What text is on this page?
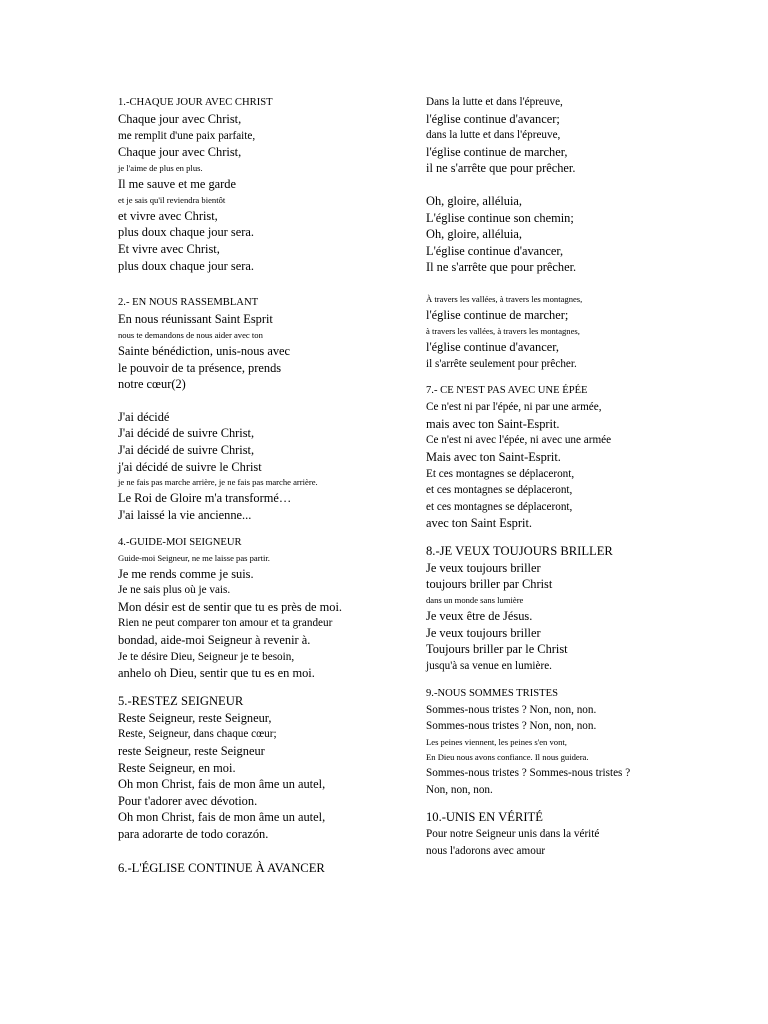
1.-CHAQUE JOUR AVEC CHRIST
Chaque jour avec Christ,
me remplit d'une paix parfaite,
Chaque jour avec Christ,
je l'aime de plus en plus.
Il me sauve et me garde
et je sais qu'il reviendra bientôt
et vivre avec Christ,
plus doux chaque jour sera.
Et vivre avec Christ,
plus doux chaque jour sera.
2.- EN NOUS RASSEMBLANT
En nous réunissant Saint Esprit
nous te demandons de nous aider avec ton
Sainte bénédiction, unis-nous avec
le pouvoir de ta présence, prends
notre cœur(2)
J'ai décidé
J'ai décidé de suivre Christ,
J'ai décidé de suivre Christ,
j'ai décidé de suivre le Christ
je ne fais pas marche arrière, je ne fais pas marche arrière.
Le Roi de Gloire m'a transformé…
J'ai laissé la vie ancienne...
4.-GUIDE-MOI SEIGNEUR
Guide-moi Seigneur, ne me laisse pas partir.
Je me rends comme je suis.
Je ne sais plus où je vais.
Mon désir est de sentir que tu es près de moi.
Rien ne peut comparer ton amour et ta grandeur
bondad, aide-moi Seigneur à revenir à.
Je te désire Dieu, Seigneur je te besoin,
anhelo oh Dieu, sentir que tu es en moi.
5.-RESTEZ SEIGNEUR
Reste Seigneur, reste Seigneur,
Reste, Seigneur, dans chaque cœur;
reste Seigneur, reste Seigneur
Reste Seigneur, en moi.
Oh mon Christ, fais de mon âme un autel,
Pour t'adorer avec dévotion.
Oh mon Christ, fais de mon âme un autel,
para adorarte de todo corazón.
6.-L'ÉGLISE CONTINUE À AVANCER
Dans la lutte et dans l'épreuve,
l'église continue d'avancer;
dans la lutte et dans l'épreuve,
l'église continue de marcher,
il ne s'arrête que pour prêcher.
Oh, gloire, alléluia,
L'église continue son chemin;
Oh, gloire, alléluia,
L'église continue d'avancer,
Il ne s'arrête que pour prêcher.
À travers les vallées, à travers les montagnes,
l'église continue de marcher;
à travers les vallées, à travers les montagnes,
l'église continue d'avancer,
il s'arrête seulement pour prêcher.
7.- CE N'EST PAS AVEC UNE ÉPÉE
Ce n'est ni par l'épée, ni par une armée,
mais avec ton Saint-Esprit.
Ce n'est ni avec l'épée, ni avec une armée
Mais avec ton Saint-Esprit.
Et ces montagnes se déplaceront,
et ces montagnes se déplaceront,
et ces montagnes se déplaceront,
avec ton Saint Esprit.
8.-JE VEUX TOUJOURS BRILLER
Je veux toujours briller
toujours briller par Christ
dans un monde sans lumière
Je veux être de Jésus.
Je veux toujours briller
Toujours briller par le Christ
jusqu'à sa venue en lumière.
9.-NOUS SOMMES TRISTES
Sommes-nous tristes ? Non, non, non.
Sommes-nous tristes ? Non, non, non.
Les peines viennent, les peines s'en vont,
En Dieu nous avons confiance. Il nous guidera.
Sommes-nous tristes ? Sommes-nous tristes ?
Non, non, non.
10.-UNIS EN VÉRITÉ
Pour notre Seigneur unis dans la vérité
nous l'adorons avec amour
